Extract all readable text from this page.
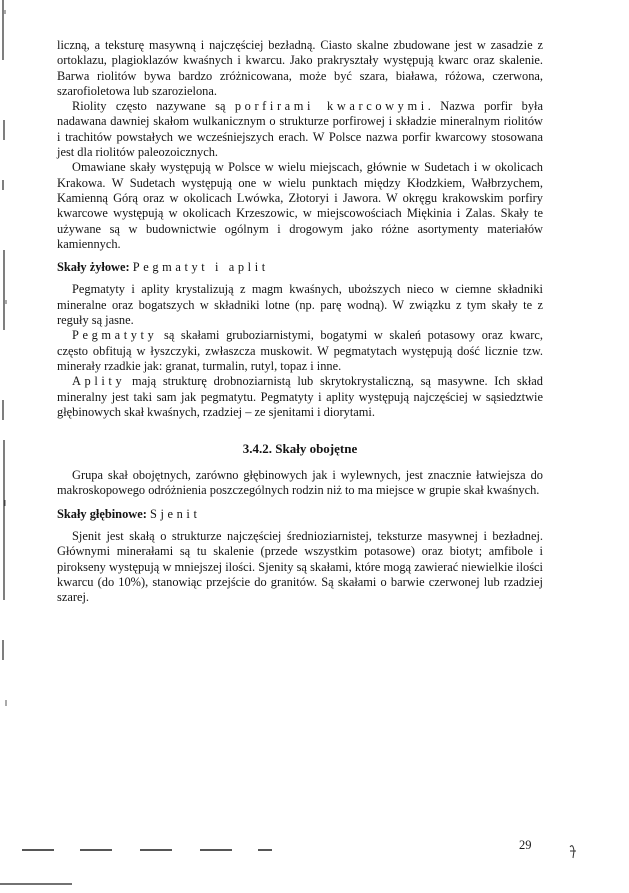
liczną, a teksturę masywną i najczęściej bezładną. Ciasto skalne zbudowane jest w zasadzie z ortoklazu, plagioklazów kwaśnych i kwarcu. Jako prakryształy występują kwarc oraz skalenie. Barwa riolitów bywa bardzo zróżnicowana, może być szara, biaława, różowa, czerwona, szarofioletowa lub szarozielona.

Riolity często nazywane są porfirami kwarcowymi. Nazwa porfir była nadawana dawniej skałom wulkanicznym o strukturze porfirowej i składzie mineralnym riolitów i trachitów powstałych we wcześniejszych erach. W Polsce nazwa porfir kwarcowy stosowana jest dla riolitów paleozoicznych.

Omawiane skały występują w Polsce w wielu miejscach, głównie w Sudetach i w okolicach Krakowa. W Sudetach występują one w wielu punktach między Kłodzkiem, Wałbrzychem, Kamienną Górą oraz w okolicach Lwówka, Złotoryi i Jawora. W okręgu krakowskim porfiry kwarcowe występują w okolicach Krzeszowic, w miejscowościach Miękinia i Zalas. Skały te używane są w budownictwie ogólnym i drogowym jako różne asortymenty materiałów kamiennych.

Skały żyłowe: Pegmatyt i aplit

Pegmatyty i aplity krystalizują z magm kwaśnych, uboższych nieco w ciemne składniki mineralne oraz bogatszych w składniki lotne (np. parę wodną). W związku z tym skały te z reguły są jasne.

Pegmatyty są skałami gruboziarnistymi, bogatymi w skaleń potasowy oraz kwarc, często obfitują w łyszczyki, zwłaszcza muskowit. W pegmatytach występują dość licznie tzw. minerały rzadkie jak: granat, turmalin, rutyl, topaz i inne.

Aplity mają strukturę drobnoziarnistą lub skrytokrystaliczną, są masywne. Ich skład mineralny jest taki sam jak pegmatytu. Pegmatyty i aplity występują najczęściej w sąsiedztwie głębinowych skał kwaśnych, rzadziej – ze sjenitami i diorytami.

3.4.2. Skały obojętne

Grupa skał obojętnych, zarówno głębinowych jak i wylewnych, jest znacznie łatwiejsza do makroskopowego odróżnienia poszczególnych rodzin niż to ma miejsce w grupie skał kwaśnych.

Skały głębinowe: Sjenit

Sjenit jest skałą o strukturze najczęściej średnioziarnistej, teksturze masywnej i bezładnej. Głównymi minerałami są tu skalenie (przede wszystkim potasowe) oraz biotyt; amfibole i pirokseny występują w mniejszej ilości. Sjenity są skałami, które mogą zawierać niewielkie ilości kwarcu (do 10%), stanowiąc przejście do granitów. Są skałami o barwie czerwonej lub rzadziej szarej.

29
